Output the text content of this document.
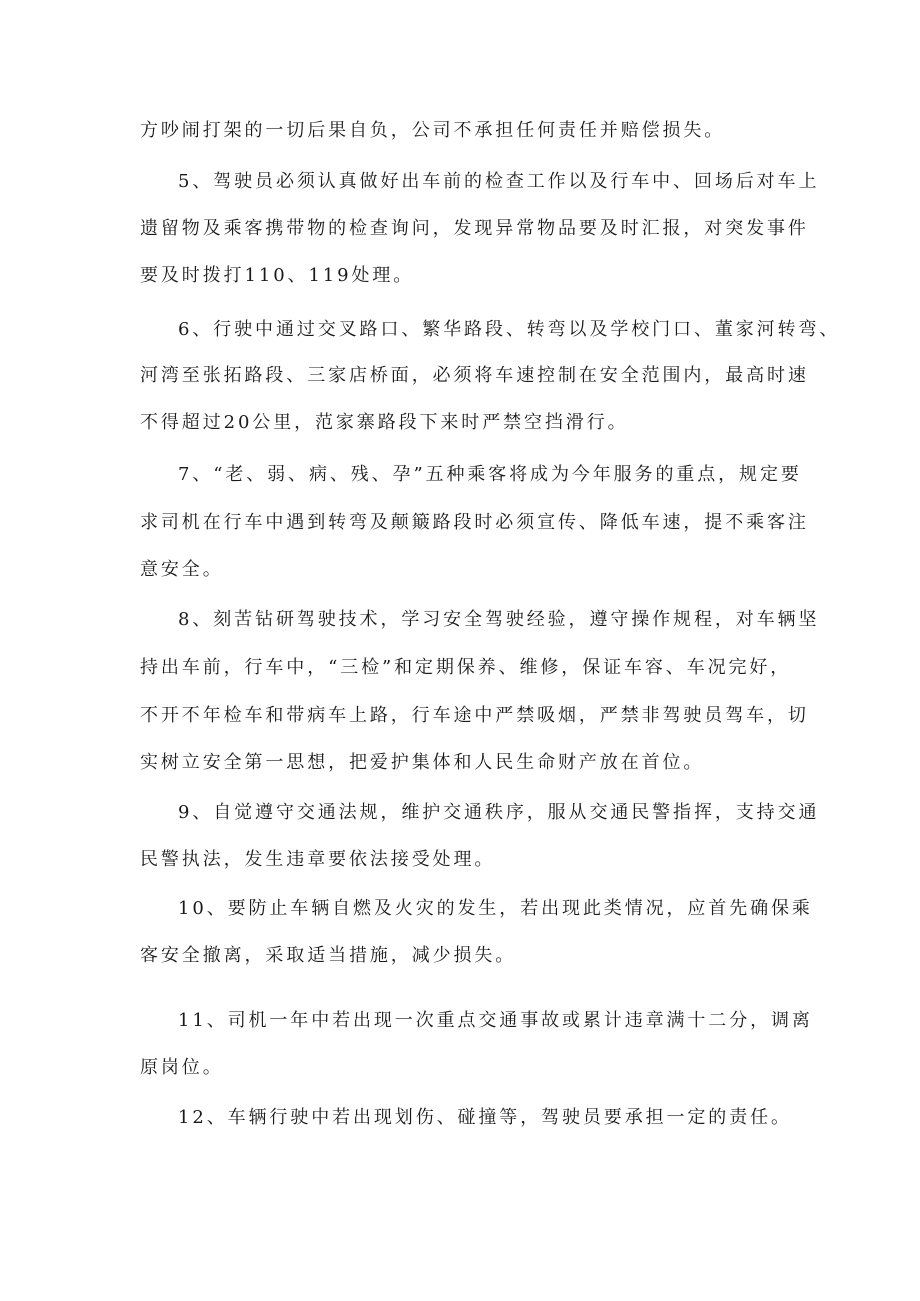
方吵闹打架的一切后果自负，公司不承担任何责任并赔偿损失。
5、驾驶员必须认真做好出车前的检查工作以及行车中、回场后对车上
遗留物及乘客携带物的检查询问，发现异常物品要及时汇报，对突发事件
要及时拨打110、119处理。
6、行驶中通过交叉路口、繁华路段、转弯以及学校门口、董家河转弯、
河湾至张拓路段、三家店桥面，必须将车速控制在安全范围内，最高时速
不得超过20公里，范家寨路段下来时严禁空挡滑行。
7、“老、弱、病、残、孕”五种乘客将成为今年服务的重点，规定要
求司机在行车中遇到转弯及颠簸路段时必须宣传、降低车速，提不乘客注
意安全。
8、刻苦钻研驾驶技术，学习安全驾驶经验，遵守操作规程，对车辆坚
持出车前，行车中，“三检”和定期保养、维修，保证车容、车况完好，
不开不年检车和带病车上路，行车途中严禁吸烟，严禁非驾驶员驾车，切
实树立安全第一思想，把爱护集体和人民生命财产放在首位。
9、自觉遵守交通法规，维护交通秩序，服从交通民警指挥，支持交通
民警执法，发生违章要依法接受处理。
10、要防止车辆自燃及火灾的发生，若出现此类情况，应首先确保乘
客安全撤离，采取适当措施，减少损失。
11、司机一年中若出现一次重点交通事故或累计违章满十二分，调离
原岗位。
12、车辆行驶中若出现划伤、碰撞等，驾驶员要承担一定的责任。
